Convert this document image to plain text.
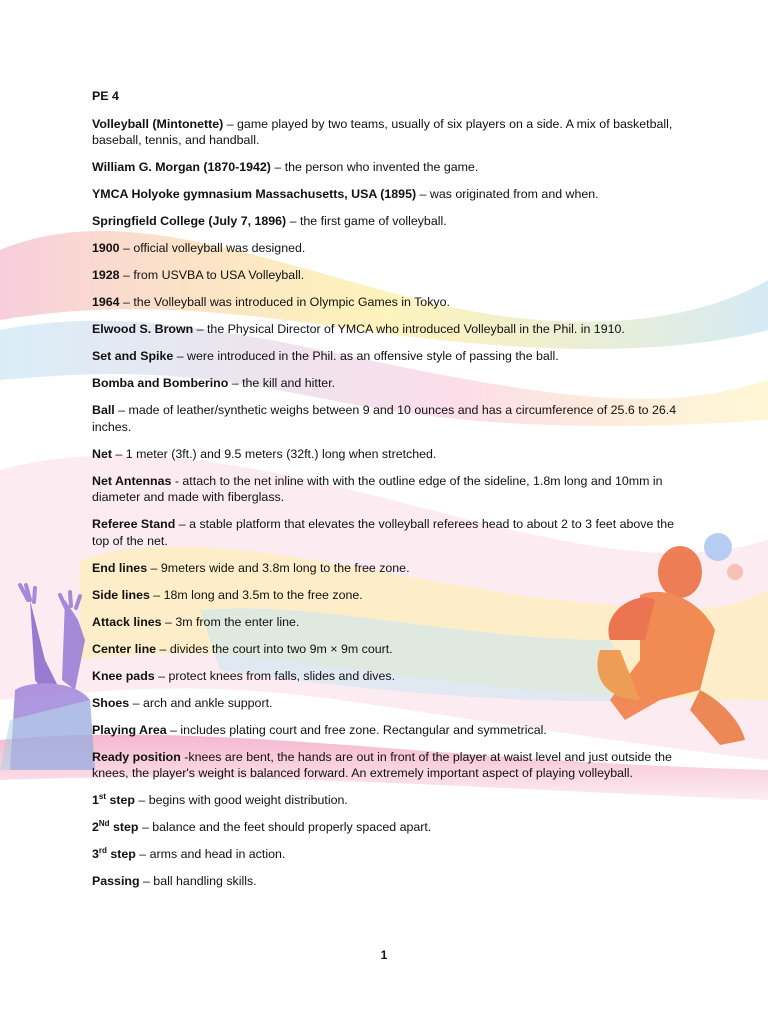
PE 4
Volleyball (Mintonette) – game played by two teams, usually of six players on a side. A mix of basketball, baseball, tennis, and handball.
William G. Morgan (1870-1942) – the person who invented the game.
YMCA Holyoke gymnasium Massachusetts, USA (1895) – was originated from and when.
Springfield College (July 7, 1896) – the first game of volleyball.
1900 – official volleyball was designed.
1928 – from USVBA to USA Volleyball.
1964 – the Volleyball was introduced in Olympic Games in Tokyo.
Elwood S. Brown – the Physical Director of YMCA who introduced Volleyball in the Phil. in 1910.
Set and Spike – were introduced in the Phil. as an offensive style of passing the ball.
Bomba and Bomberino – the kill and hitter.
Ball – made of leather/synthetic weighs between 9 and 10 ounces and has a circumference of 25.6 to 26.4 inches.
Net – 1 meter (3ft.) and 9.5 meters (32ft.) long when stretched.
Net Antennas - attach to the net inline with with the outline edge of the sideline, 1.8m long and 10mm in diameter and made with fiberglass.
Referee Stand – a stable platform that elevates the volleyball referees head to about 2 to 3 feet above the top of the net.
End lines – 9meters wide and 3.8m long to the free zone.
Side lines – 18m long and 3.5m to the free zone.
Attack lines – 3m from the enter line.
Center line – divides the court into two 9m × 9m court.
Knee pads – protect knees from falls, slides and dives.
Shoes – arch and ankle support.
Playing Area – includes plating court and free zone. Rectangular and symmetrical.
Ready position -knees are bent, the hands are out in front of the player at waist level and just outside the knees, the player's weight is balanced forward. An extremely important aspect of playing volleyball.
1st step – begins with good weight distribution.
2Nd step – balance and the feet should properly spaced apart.
3rd step – arms and head in action.
Passing – ball handling skills.
1
